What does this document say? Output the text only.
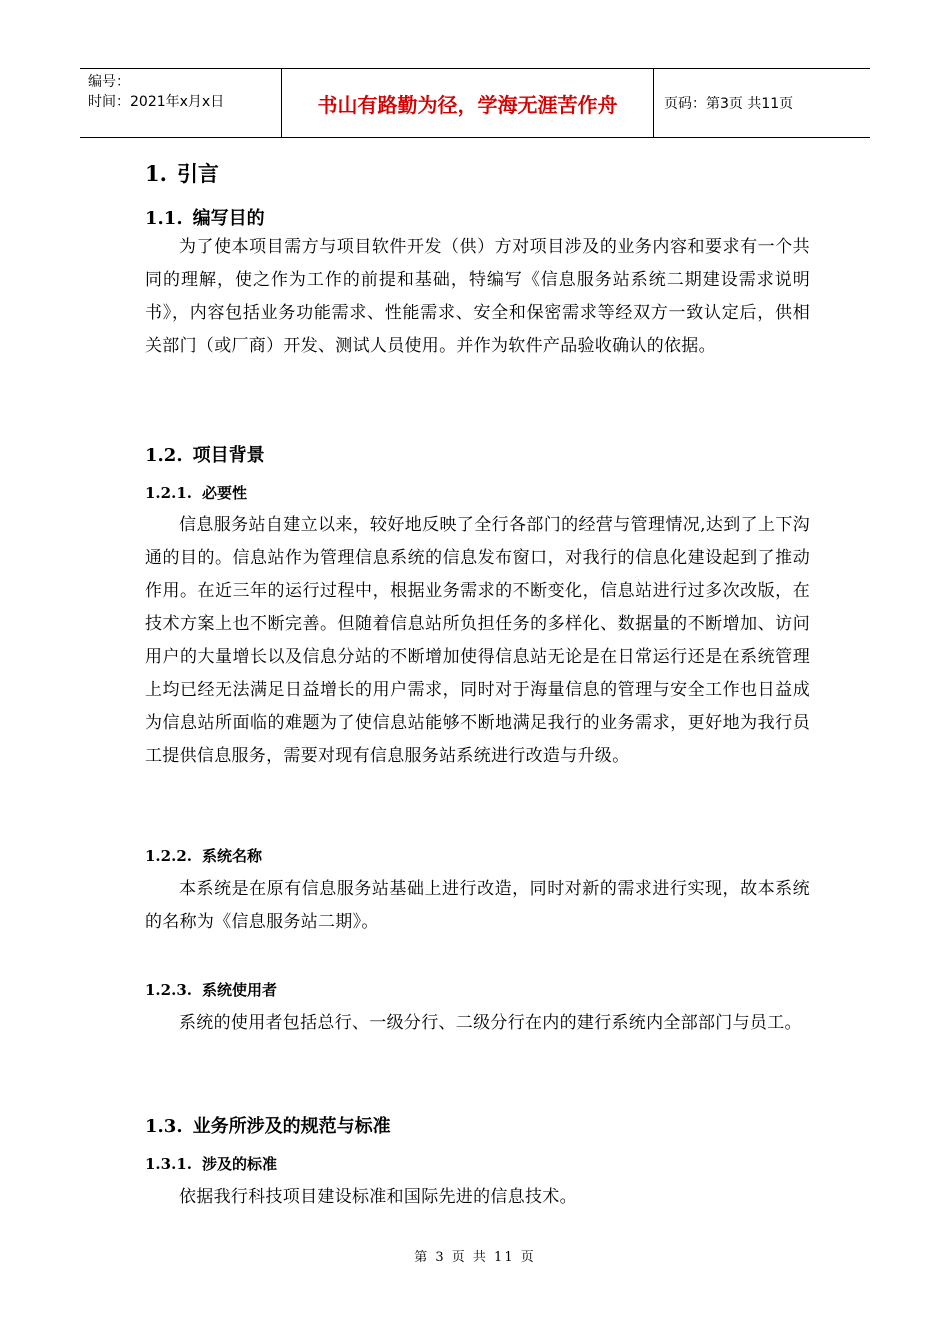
编号：
时间：2021年x月x日	书山有路勤为径，学海无涯苦作舟	页码：第3页 共11页
1. 引言
1.1. 编写目的

为了使本项目需方与项目软件开发（供）方对项目涉及的业务内容和要求有一个共同的理解，使之作为工作的前提和基础，特编写《信息服务站系统二期建设需求说明书》，内容包括业务功能需求、性能需求、安全和保密需求等经双方一致认定后，供相关部门（或厂商）开发、测试人员使用。并作为软件产品验收确认的依据。

1.2. 项目背景
1.2.1. 必要性

信息服务站自建立以来，较好地反映了全行各部门的经营与管理情况,达到了上下沟通的目的。信息站作为管理信息系统的信息发布窗口，对我行的信息化建设起到了推动作用。在近三年的运行过程中，根据业务需求的不断变化，信息站进行过多次改版，在技术方案上也不断完善。但随着信息站所负担任务的多样化、数据量的不断增加、访问用户的大量增长以及信息分站的不断增加使得信息站无论是在日常运行还是在系统管理上均已经无法满足日益增长的用户需求，同时对于海量信息的管理与安全工作也日益成为信息站所面临的难题为了使信息站能够不断地满足我行的业务需求，更好地为我行员工提供信息服务，需要对现有信息服务站系统进行改造与升级。

1.2.2. 系统名称

本系统是在原有信息服务站基础上进行改造，同时对新的需求进行实现，故本系统的名称为《信息服务站二期》。

1.2.3. 系统使用者

系统的使用者包括总行、一级分行、二级分行在内的建行系统内全部部门与员工。

1.3. 业务所涉及的规范与标准
1.3.1. 涉及的标准

依据我行科技项目建设标准和国际先进的信息技术。

第 3 页 共 11 页
